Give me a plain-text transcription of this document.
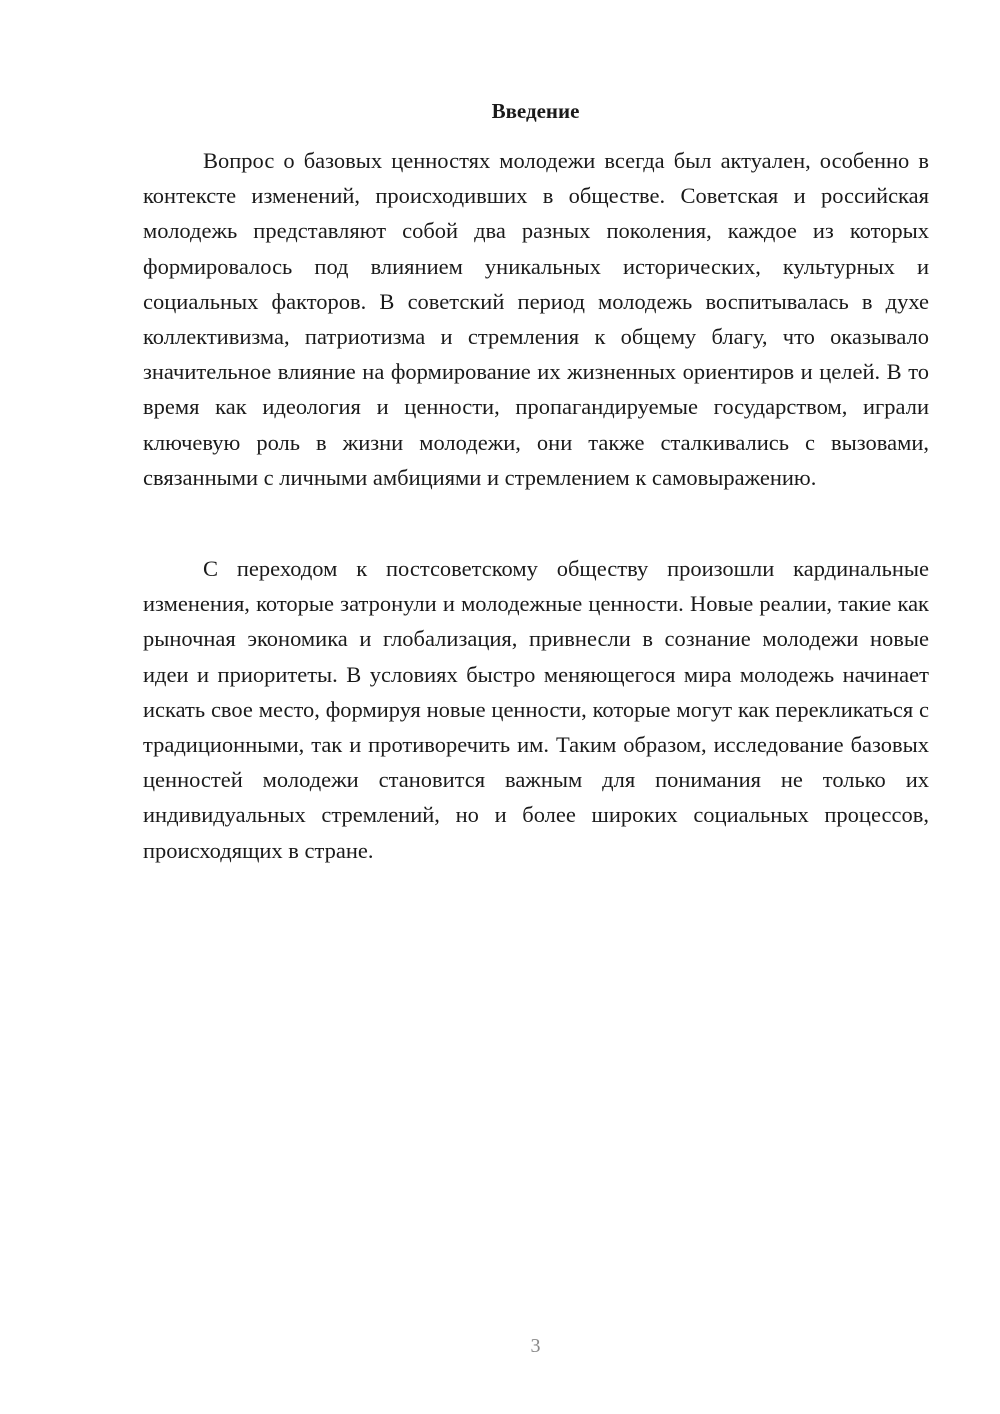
Введение

Вопрос о базовых ценностях молодежи всегда был актуален, особенно в контексте изменений, происходивших в обществе. Советская и российская молодежь представляют собой два разных поколения, каждое из которых формировалось под влиянием уникальных исторических, культурных и социальных факторов. В советский период молодежь воспитывалась в духе коллективизма, патриотизма и стремления к общему благу, что оказывало значительное влияние на формирование их жизненных ориентиров и целей. В то время как идеология и ценности, пропагандируемые государством, играли ключевую роль в жизни молодежи, они также сталкивались с вызовами, связанными с личными амбициями и стремлением к самовыражению.

С переходом к постсоветскому обществу произошли кардинальные изменения, которые затронули и молодежные ценности. Новые реалии, такие как рыночная экономика и глобализация, привнесли в сознание молодежи новые идеи и приоритеты. В условиях быстро меняющегося мира молодежь начинает искать свое место, формируя новые ценности, которые могут как перекликаться с традиционными, так и противоречить им. Таким образом, исследование базовых ценностей молодежи становится важным для понимания не только их индивидуальных стремлений, но и более широких социальных процессов, происходящих в стране.

3
